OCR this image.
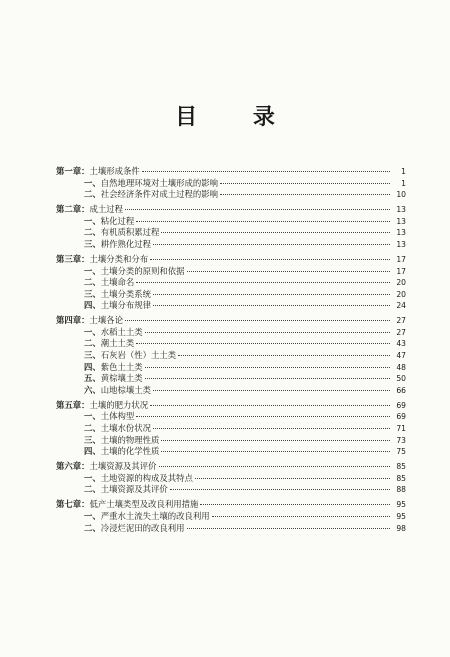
目 录
第一章：土壤形成条件	1
一、自然地理环境对土壤形成的影响	1
二、社会经济条件对成土过程的影响	10
第二章：成土过程	13
一、粘化过程	13
二、有机质积累过程	13
三、耕作熟化过程	13
第三章：土壤分类和分布	17
一、土壤分类的原则和依据	17
二、土壤命名	20
三、土壤分类系统	20
四、土壤分布规律	24
第四章：土壤各论	27
一、水稻土土类	27
二、潮土土类	43
三、石灰岩（性）土土类	47
四、紫色土土类	48
五、黄棕壤土类	50
六、山地棕壤土类	66
第五章：土壤的肥力状况	69
一、土体构型	69
二、土壤水份状况	71
三、土壤的物理性质	73
四、土壤的化学性质	75
第六章：土壤资源及其评价	85
一、土地资源的构成及其特点	85
二、土壤资源及其评价	88
第七章：低产土壤类型及改良利用措施	95
一、严重水土流失土壤的改良利用	95
二、冷浸烂泥田的改良利用	98
